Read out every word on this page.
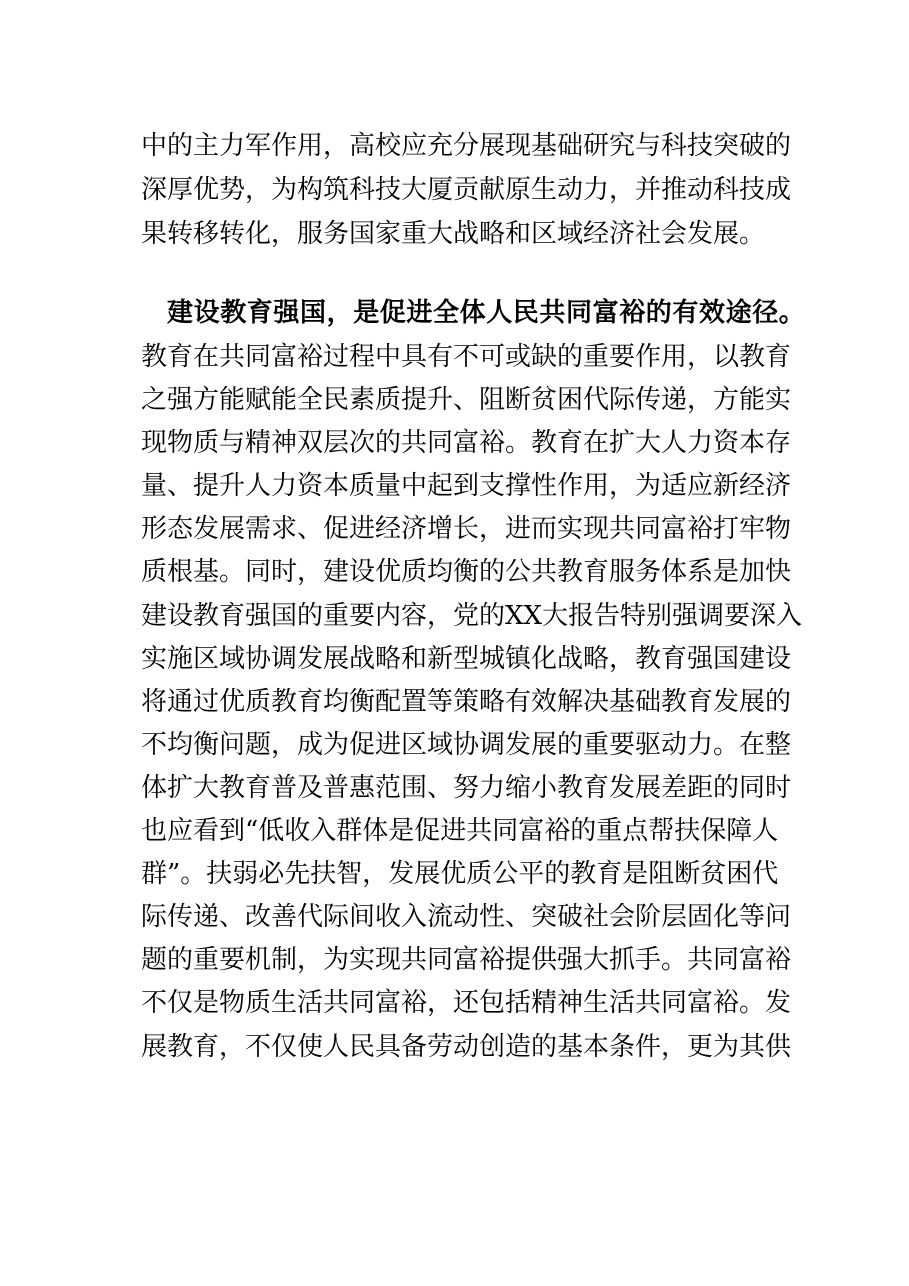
中的主力军作用，高校应充分展现基础研究与科技突破的
深厚优势，为构筑科技大厦贡献原生动力，并推动科技成
果转移转化，服务国家重大战略和区域经济社会发展。
建设教育强国，是促进全体人民共同富裕的有效途径。
教育在共同富裕过程中具有不可或缺的重要作用，以教育
之强方能赋能全民素质提升、阻断贫困代际传递，方能实
现物质与精神双层次的共同富裕。教育在扩大人力资本存
量、提升人力资本质量中起到支撑性作用，为适应新经济
形态发展需求、促进经济增长，进而实现共同富裕打牢物
质根基。同时，建设优质均衡的公共教育服务体系是加快
建设教育强国的重要内容，党的XX大报告特别强调要深入
实施区域协调发展战略和新型城镇化战略，教育强国建设
将通过优质教育均衡配置等策略有效解决基础教育发展的
不均衡问题，成为促进区域协调发展的重要驱动力。在整
体扩大教育普及普惠范围、努力缩小教育发展差距的同时
也应看到“低收入群体是促进共同富裕的重点帮扶保障人
群”。扶弱必先扶智，发展优质公平的教育是阻断贫困代
际传递、改善代际间收入流动性、突破社会阶层固化等问
题的重要机制，为实现共同富裕提供强大抓手。共同富裕
不仅是物质生活共同富裕，还包括精神生活共同富裕。发
展教育，不仅使人民具备劳动创造的基本条件，更为其供
